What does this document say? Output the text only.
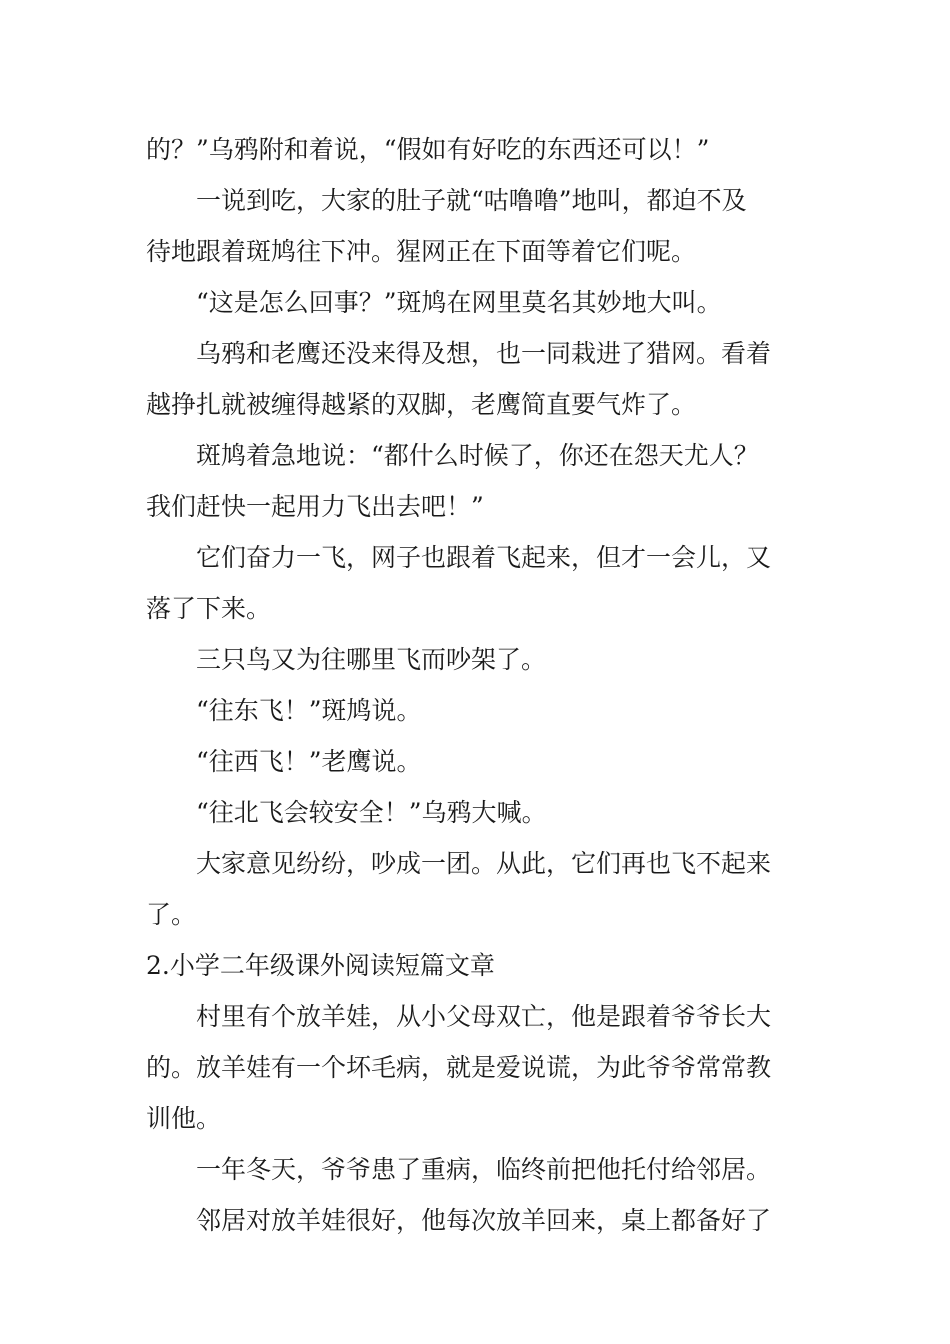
的？”乌鸦附和着说，“假如有好吃的东西还可以！”
一说到吃，大家的肚子就“咕噜噜”地叫，都迫不及
待地跟着斑鸠往下冲。猩网正在下面等着它们呢。
“这是怎么回事？”斑鸠在网里莫名其妙地大叫。
乌鸦和老鹰还没来得及想，也一同栽进了猎网。看着
越挣扎就被缠得越紧的双脚，老鹰简直要气炸了。
斑鸠着急地说：“都什么时候了，你还在怨天尤人？
我们赶快一起用力飞出去吧！”
它们奋力一飞，网子也跟着飞起来，但才一会儿，又
落了下来。
三只鸟又为往哪里飞而吵架了。
“往东飞！”斑鸠说。
“往西飞！”老鹰说。
“往北飞会较安全！”乌鸦大喊。
大家意见纷纷，吵成一团。从此，它们再也飞不起来
了。
2.小学二年级课外阅读短篇文章
村里有个放羊娃，从小父母双亡，他是跟着爷爷长大
的。放羊娃有一个坏毛病，就是爱说谎，为此爷爷常常教
训他。
一年冬天，爷爷患了重病，临终前把他托付给邻居。
邻居对放羊娃很好，他每次放羊回来，桌上都备好了
